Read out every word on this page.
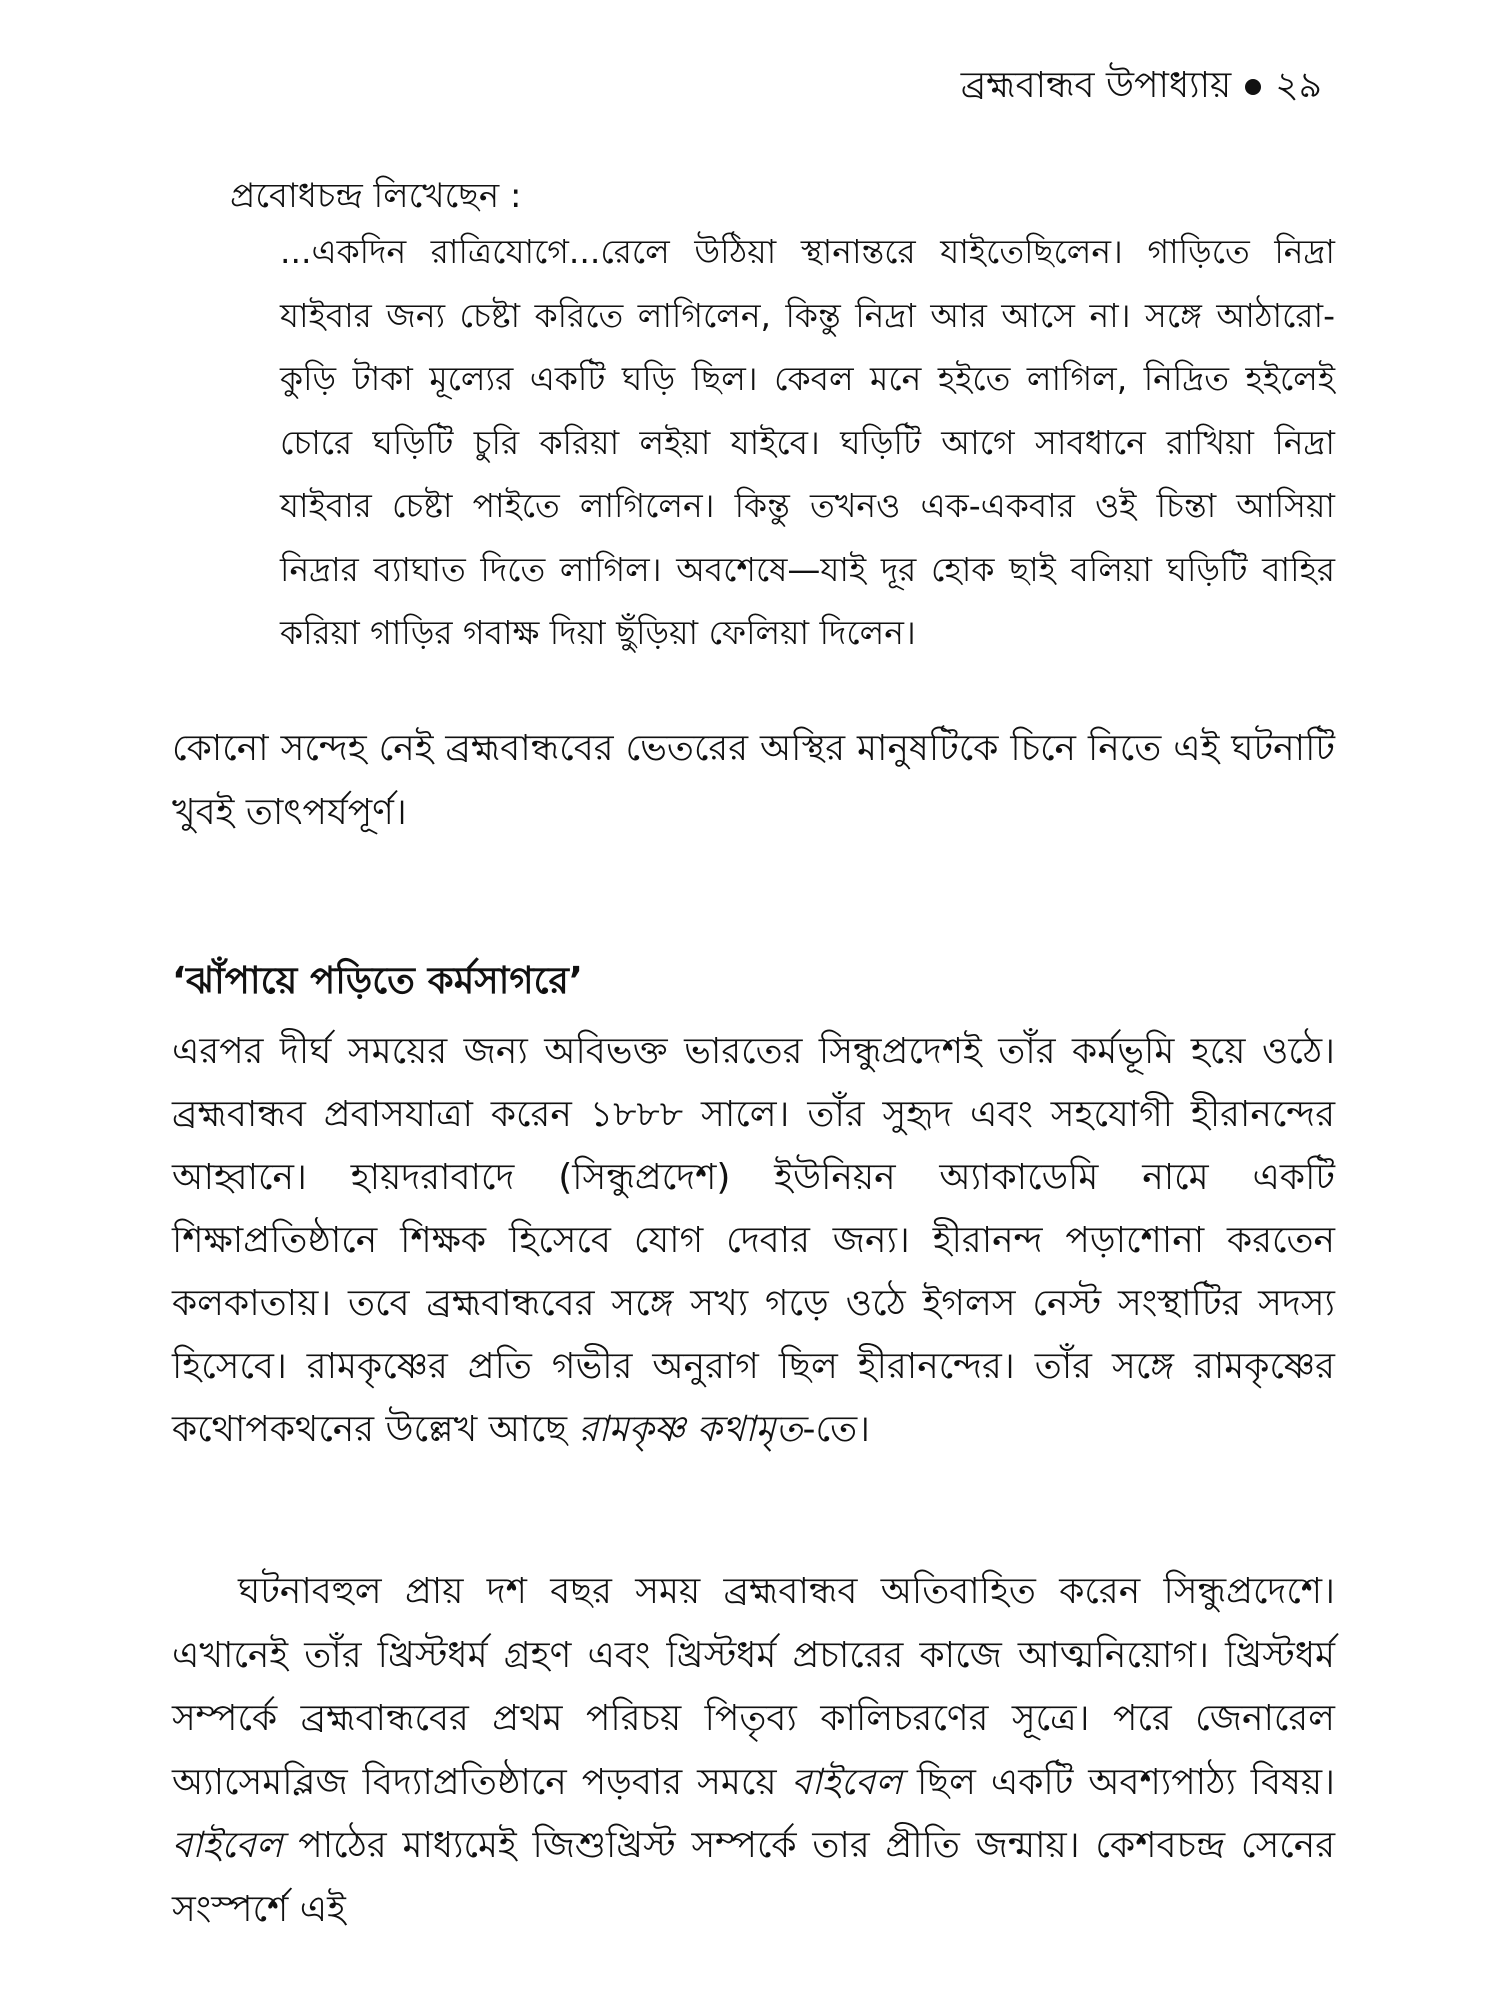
ব্রহ্মবান্ধব উপাধ্যায় ২৯
প্রবোধচন্দ্র লিখেছেন :
...একদিন রাত্রিযোগে...রেলে উঠিয়া স্থানান্তরে যাইতেছিলেন। গাড়িতে নিদ্রা যাইবার জন্য চেষ্টা করিতে লাগিলেন, কিন্তু নিদ্রা আর আসে না। সঙ্গে আঠারো-কুড়ি টাকা মূল্যের একটি ঘড়ি ছিল। কেবল মনে হইতে লাগিল, নিদ্রিত হইলেই চোরে ঘড়িটি চুরি করিয়া লইয়া যাইবে। ঘড়িটি আগে সাবধানে রাখিয়া নিদ্রা যাইবার চেষ্টা পাইতে লাগিলেন। কিন্তু তখনও এক-একবার ওই চিন্তা আসিয়া নিদ্রার ব্যাঘাত দিতে লাগিল। অবশেষে—যাই দূর হোক ছাই বলিয়া ঘড়িটি বাহির করিয়া গাড়ির গবাক্ষ দিয়া ছুঁড়িয়া ফেলিয়া দিলেন।
কোনো সন্দেহ নেই ব্রহ্মবান্ধবের ভেতরের অস্থির মানুষটিকে চিনে নিতে এই ঘটনাটি খুবই তাৎপর্যপূর্ণ।
‘ঝাঁপায়ে পড়িতে কর্মসাগরে’
এরপর দীর্ঘ সময়ের জন্য অবিভক্ত ভারতের সিন্ধুপ্রদেশই তাঁর কর্মভূমি হয়ে ওঠে। ব্রহ্মবান্ধব প্রবাসযাত্রা করেন ১৮৮৮ সালে। তাঁর সুহৃদ এবং সহযোগী হীরানন্দের আহ্বানে। হায়দরাবাদে (সিন্ধুপ্রদেশ) ইউনিয়ন অ্যাকাডেমি নামে একটি শিক্ষাপ্রতিষ্ঠানে শিক্ষক হিসেবে যোগ দেবার জন্য। হীরানন্দ পড়াশোনা করতেন কলকাতায়। তবে ব্রহ্মবান্ধবের সঙ্গে সখ্য গড়ে ওঠে ইগলস নেস্ট সংস্থাটির সদস্য হিসেবে। রামকৃষ্ণের প্রতি গভীর অনুরাগ ছিল হীরানন্দের। তাঁর সঙ্গে রামকৃষ্ণের কথোপকথনের উল্লেখ আছে রামকৃষ্ণ কথামৃত-তে।
ঘটনাবহুল প্রায় দশ বছর সময় ব্রহ্মবান্ধব অতিবাহিত করেন সিন্ধুপ্রদেশে। এখানেই তাঁর খ্রিস্টধর্ম গ্রহণ এবং খ্রিস্টধর্ম প্রচারের কাজে আত্মনিয়োগ। খ্রিস্টধর্ম সম্পর্কে ব্রহ্মবান্ধবের প্রথম পরিচয় পিতৃব্য কালিচরণের সূত্রে। পরে জেনারেল অ্যাসেমব্লিজ বিদ্যাপ্রতিষ্ঠানে পড়বার সময়ে বাইবেল ছিল একটি অবশ্যপাঠ্য বিষয়। বাইবেল পাঠের মাধ্যমেই জিশুখ্রিস্ট সম্পর্কে তার প্রীতি জন্মায়। কেশবচন্দ্র সেনের সংস্পর্শে এই
